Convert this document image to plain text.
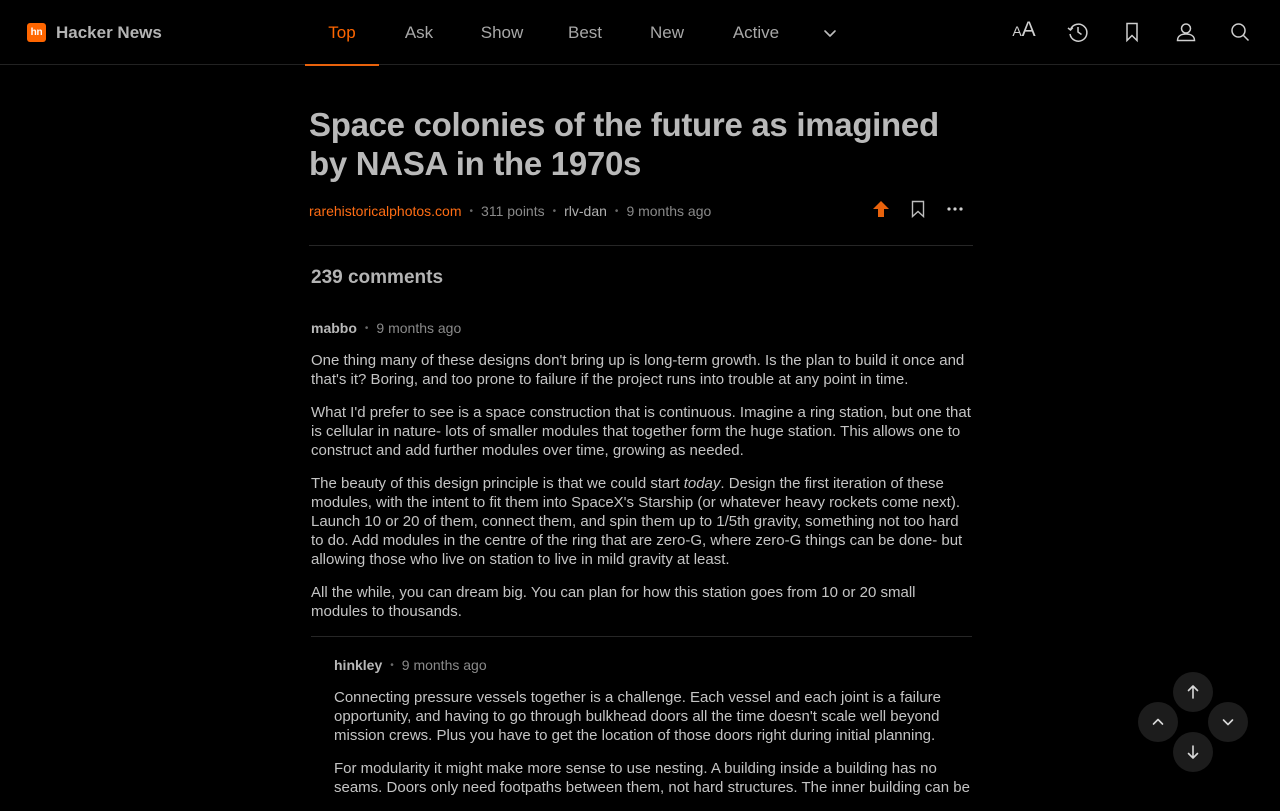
hn Hacker News	Top	Ask	Show	Best	New	Active	A A
Space colonies of the future as imagined by NASA in the 1970s
rarehistoricalphotos.com • 311 points • rlv-dan • 9 months ago
239 comments
mabbo • 9 months ago

One thing many of these designs don't bring up is long-term growth. Is the plan to build it once and that's it? Boring, and too prone to failure if the project runs into trouble at any point in time.

What I'd prefer to see is a space construction that is continuous. Imagine a ring station, but one that is cellular in nature- lots of smaller modules that together form the huge station. This allows one to construct and add further modules over time, growing as needed.

The beauty of this design principle is that we could start today. Design the first iteration of these modules, with the intent to fit them into SpaceX's Starship (or whatever heavy rockets come next). Launch 10 or 20 of them, connect them, and spin them up to 1/5th gravity, something not too hard to do. Add modules in the centre of the ring that are zero-G, where zero-G things can be done- but allowing those who live on station to live in mild gravity at least.

All the while, you can dream big. You can plan for how this station goes from 10 or 20 small modules to thousands.

hinkley • 9 months ago

Connecting pressure vessels together is a challenge. Each vessel and each joint is a failure opportunity, and having to go through bulkhead doors all the time doesn't scale well beyond mission crews. Plus you have to get the location of those doors right during initial planning.

For modularity it might make more sense to use nesting. A building inside a building has no seams. Doors only need footpaths between them, not hard structures. The inner building can be
